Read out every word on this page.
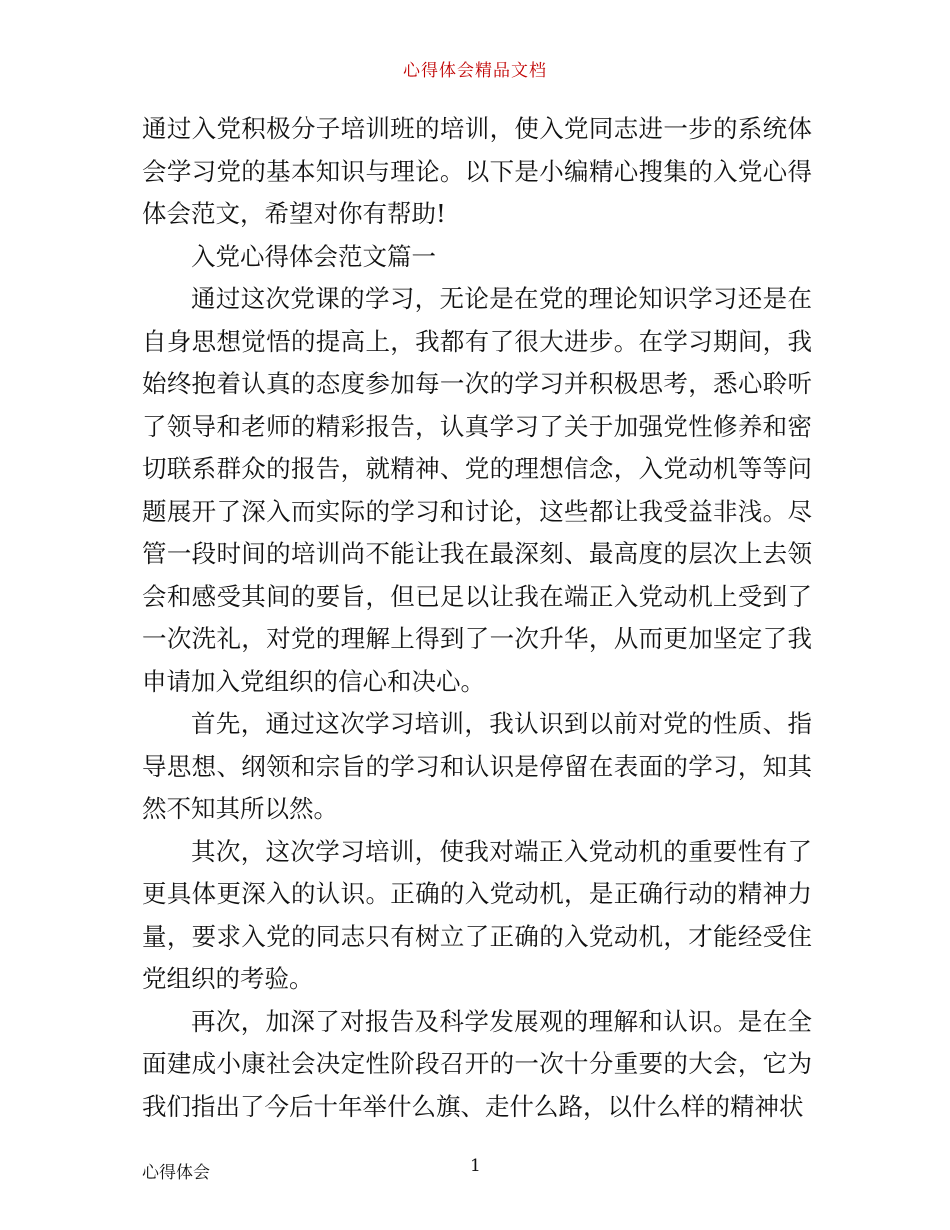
心得体会精品文档

通过入党积极分子培训班的培训，使入党同志进一步的系统体会学习党的基本知识与理论。以下是小编精心搜集的入党心得体会范文，希望对你有帮助!

入党心得体会范文篇一

通过这次党课的学习，无论是在党的理论知识学习还是在自身思想觉悟的提高上，我都有了很大进步。在学习期间，我始终抱着认真的态度参加每一次的学习并积极思考，悉心聆听了领导和老师的精彩报告，认真学习了关于加强党性修养和密切联系群众的报告，就精神、党的理想信念，入党动机等等问题展开了深入而实际的学习和讨论，这些都让我受益非浅。尽管一段时间的培训尚不能让我在最深刻、最高度的层次上去领会和感受其间的要旨，但已足以让我在端正入党动机上受到了一次洗礼，对党的理解上得到了一次升华，从而更加坚定了我申请加入党组织的信心和决心。

首先，通过这次学习培训，我认识到以前对党的性质、指导思想、纲领和宗旨的学习和认识是停留在表面的学习，知其然不知其所以然。

其次，这次学习培训，使我对端正入党动机的重要性有了更具体更深入的认识。正确的入党动机，是正确行动的精神力量，要求入党的同志只有树立了正确的入党动机，才能经受住党组织的考验。

再次，加深了对报告及科学发展观的理解和认识。是在全面建成小康社会决定性阶段召开的一次十分重要的大会，它为我们指出了今后十年举什么旗、走什么路，以什么样的精神状

心得体会	1
